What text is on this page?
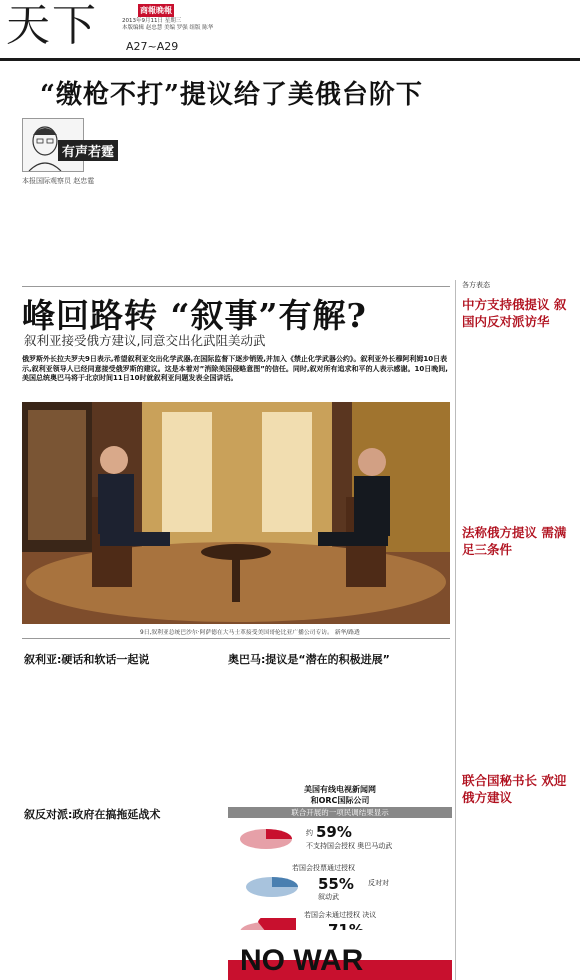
天下	商報晚報
2013年9月11日 星期三
本版编辑 赵忠慧 美编 罗强 组版 陈华
A27~A29
“缴枪不打”提议给了美俄台阶下
有声若霆
本报国际观察员 赵忠霆
峰回路转 “叙事”有解?
叙利亚接受俄方建议,同意交出化武阻美动武
俄罗斯外长拉夫罗夫9日表示,希望叙利亚交出化学武器,在国际监督下逐步销毁,并加入《禁止化学武器公约》。叙利亚外长穆阿利姆10日表示,叙利亚领导人已经同意接受俄罗斯的建议。这是本着对”消除美国侵略意图”的信任。同时,叙对所有追求和平的人表示感谢。10日晚间,美国总统奥巴马将于北京时间11日10时就叙利亚问题发表全国讲话。
9日,叙利亚总统巴沙尔·阿萨德在大马士革接受美国哥伦比亚广播公司专访。 新华/路透
叙利亚:硬话和软话一起说	奥巴马:提议是“潜在的积极进展”
叙反对派:政府在搞拖延战术
美国有线电视新闻网
和ORC国际公司
联合开展的一项民调结果显示
约 59%
不支持国会授权 奥巴马动武
若国会投票通过授权
55% 反对对
叙动武
若国会未通过授权 决议
NO WAR
各方表态
中方支持俄提议 叙国内反对派访华
法称俄方提议 需满足三条件
联合国秘书长 欢迎俄方建议
